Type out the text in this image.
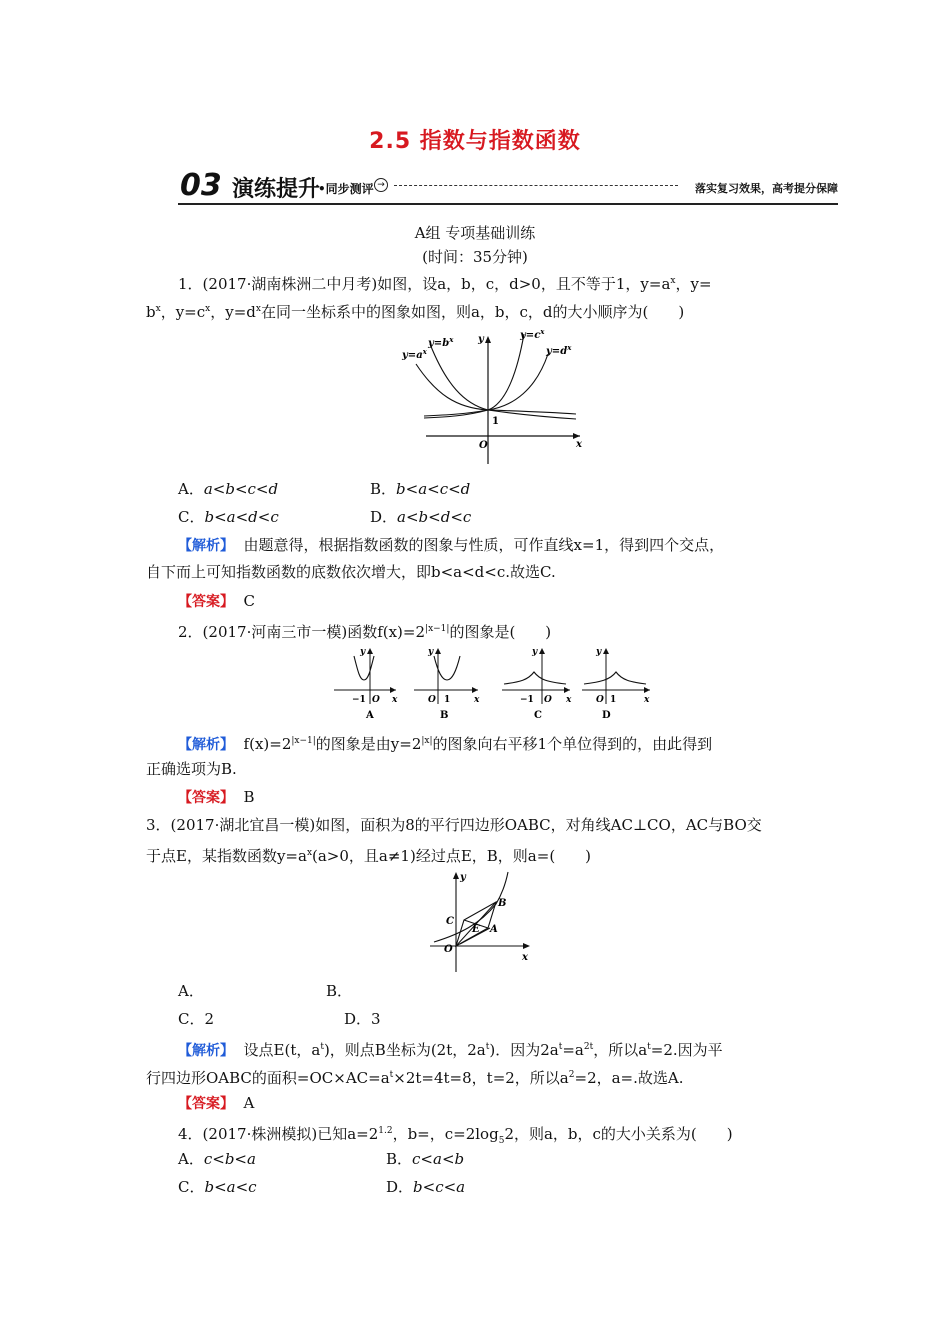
2.5 指数与指数函数
03 演练提升
•同步测评 →	落实复习效果，高考提分保障
A组 专项基础训练
(时间：35分钟)
1．(2017·湖南株洲二中月考)如图，设a，b，c，d>0，且不等于1，$y=a^x$，y=
$b^x$，$y=c^x$，$y=d^x$在同一坐标系中的图象如图，则a，b，c，d的大小顺序为(　　)
1
O	x
y
$y=a^x$
$y=b^x$	$y=c^x$
$y=d^x$
A．a<b<c<d	B．b<a<c<d
C．b<a<d<c	D．a<b<d<c
【解析】 由题意得，根据指数函数的图象与性质，可作直线x=1，得到四个交点，
自下而上可知指数函数的底数依次增大，即b<a<d<c.故选C.
【答案】 C
2．(2017·河南三市一模)函数$f(x)=2^{|x-1|}$的图象是(　　)
−1 O x
y
A
O 1	x
y
B
−1 O x
y
C
O 1	x
y
D
【解析】 $f(x)=2^{|x-1|}$的图象是由$y=2^{|x|}$的图象向右平移1个单位得到的，由此得到
正确选项为B.
【答案】 B
3．(2017·湖北宜昌一模)如图，面积为8的平行四边形OABC，对角线AC⊥CO，AC与BO交
于点E，某指数函数$y=a^x(a>0$，且a≠1)经过点E，B，则a=(　　)
C
B
E A
O
x
y
A．	B．
C．2	D．3
【解析】 设点E(t，$a^t$)，则点B坐标为(2t，$2a^t$)．因为$2a^t=a^{2t}$，所以$a^t=2$.因为平
行四边形OABC的面积$=OC\times AC=a^t\times 2t=4t=8$，t=2，所以$a^2=2$，a=.故选A.
【答案】 A
4．(2017·株洲模拟)已知$a=2^{1.2}$，b=，$c=2\log_52$，则a，b，c的大小关系为(　　)
A．c<b<a	B．c<a<b
C．b<a<c	D．b<c<a
